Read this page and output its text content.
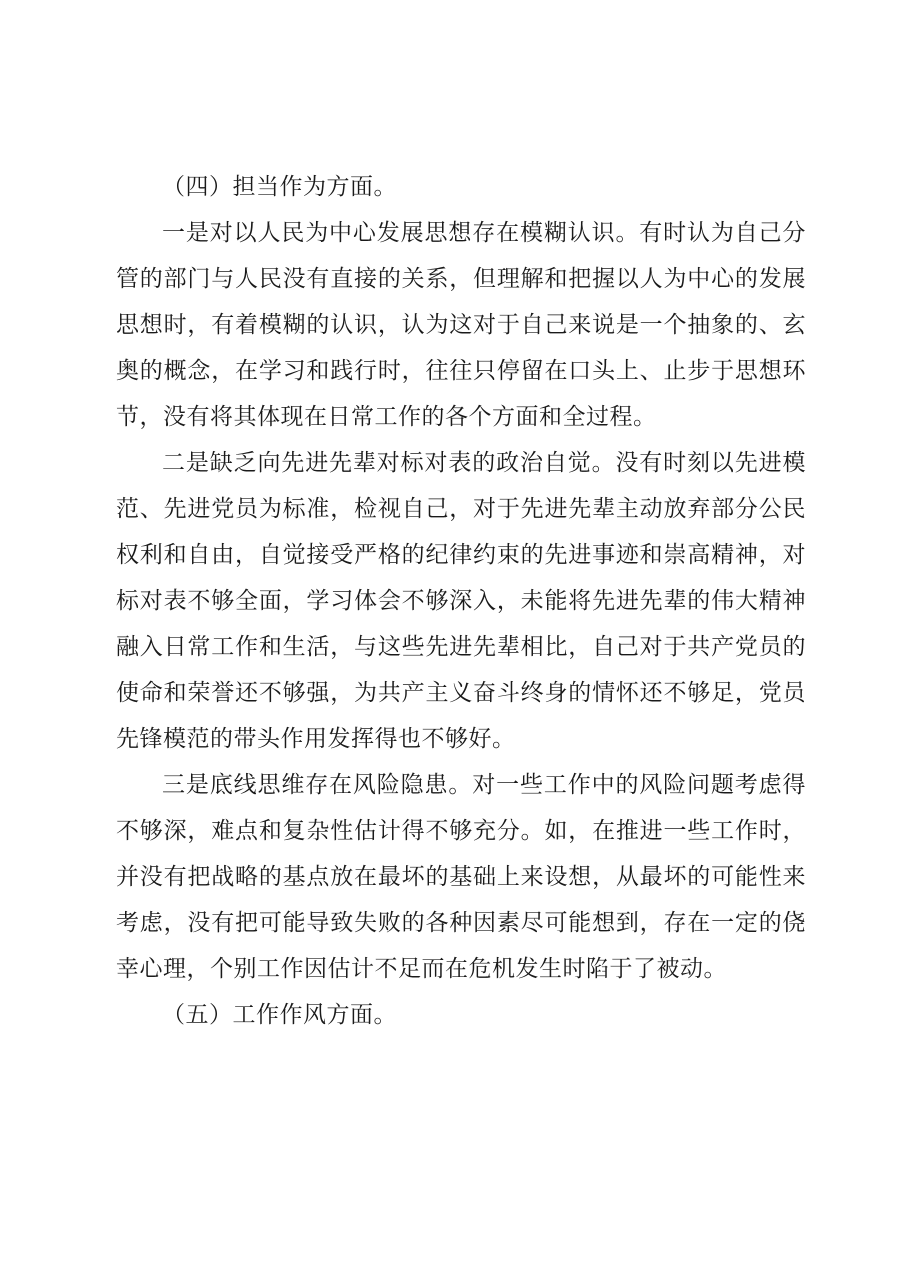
（四）担当作为方面。

一是对以人民为中心发展思想存在模糊认识。有时认为自己分管的部门与人民没有直接的关系，但理解和把握以人为中心的发展思想时，有着模糊的认识，认为这对于自己来说是一个抽象的、玄奥的概念，在学习和践行时，往往只停留在口头上、止步于思想环节，没有将其体现在日常工作的各个方面和全过程。

二是缺乏向先进先辈对标对表的政治自觉。没有时刻以先进模范、先进党员为标准，检视自己，对于先进先辈主动放弃部分公民权利和自由，自觉接受严格的纪律约束的先进事迹和崇高精神，对标对表不够全面，学习体会不够深入，未能将先进先辈的伟大精神融入日常工作和生活，与这些先进先辈相比，自己对于共产党员的使命和荣誉还不够强，为共产主义奋斗终身的情怀还不够足，党员先锋模范的带头作用发挥得也不够好。

三是底线思维存在风险隐患。对一些工作中的风险问题考虑得不够深，难点和复杂性估计得不够充分。如，在推进一些工作时，并没有把战略的基点放在最坏的基础上来设想，从最坏的可能性来考虑，没有把可能导致失败的各种因素尽可能想到，存在一定的侥幸心理，个别工作因估计不足而在危机发生时陷于了被动。

（五）工作作风方面。
